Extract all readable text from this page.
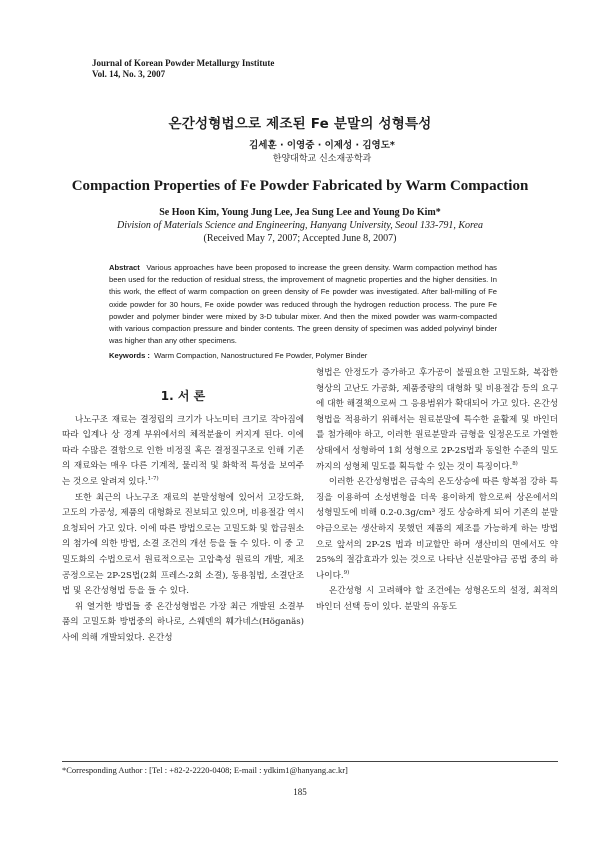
Journal of Korean Powder Metallurgy Institute
Vol. 14, No. 3, 2007
온간성형법으로 제조된 Fe 분말의 성형특성
김세훈 · 이영중 · 이제성 · 김영도*
한양대학교 신소재공학과
Compaction Properties of Fe Powder Fabricated by Warm Compaction
Se Hoon Kim, Young Jung Lee, Jea Sung Lee and Young Do Kim*
Division of Materials Science and Engineering, Hanyang University, Seoul 133-791, Korea
(Received May 7, 2007; Accepted June 8, 2007)
Abstract Various approaches have been proposed to increase the green density. Warm compaction method has been used for the reduction of residual stress, the improvement of magnetic properties and the higher densities. In this work, the effect of warm compaction on green density of Fe powder was investigated. After ball-milling of Fe oxide powder for 30 hours, Fe oxide powder was reduced through the hydrogen reduction process. The pure Fe powder and polymer binder were mixed by 3-D tubular mixer. And then the mixed powder was warm-compacted with various compaction pressure and binder contents. The green density of specimen was added polyvinyl binder was higher than any other specimens.
Keywords : Warm Compaction, Nanostructured Fe Powder, Polymer Binder
1. 서 론

나노구조 재료는 결정립의 크기가 나노미터 크기로 작아짐에 따라 입계나 상 경계 부위에서의 체적분율이 커지게 된다. 이에 따라 수많은 결함으로 인한 비정질 혹은 결정질구조로 인해 기존의 재료와는 매우 다른 기계적, 물리적 및 화학적 특성을 보여주는 것으로 알려져 있다.$^{1-7)}$

또한 최근의 나노구조 재료의 분말성형에 있어서 고강도화, 고도의 가공성, 제품의 대형화로 진보되고 있으며, 비용절감 역시 요청되어 가고 있다. 이에 따른 방법으로는 고밀도화 및 합금원소의 첨가에 의한 방법, 소결 조건의 개선 등을 들 수 있다. 이 중 고밀도화의 수법으로서 원료적으로는 고압축성 원료의 개발, 제조공정으로는 2P-2S법(2회 프레스-2회 소결), 동용침법, 소결단조법 및 온간성형법 등을 들 수 있다.

위 열거한 방법들 중 온간성형법은 가장 최근 개발된 소결부품의 고밀도화 방법중의 하나로, 스웨덴의 훼가네스(Höganäs)사에 의해 개발되었다. 온간성

형법은 안정도가 증가하고 후가공이 불필요한 고밀도화, 복잡한 형상의 고난도 가공화, 제품중량의 대형화 및 비용절감 등의 요구에 대한 해결책으로써 그 응용범위가 확대되어 가고 있다. 온간성형법을 적용하기 위해서는 원료분말에 특수한 윤활제 및 바인더를 첨가해야 하고, 이러한 원료분말과 금형을 일정온도로 가열한 상태에서 성형하여 1회 성형으로 2P-2S법과 동일한 수준의 밀도까지의 성형체 밀도를 획득할 수 있는 것이 특징이다.$^{8)}$

이러한 온간성형법은 금속의 온도상승에 따른 항복점 강하 특징을 이용하여 소성변형을 더욱 용이하게 함으로써 상온에서의 성형밀도에 비해 0.2-0.3g/cm³ 정도 상승하게 되어 기존의 분말야금으로는 생산하지 못했던 제품의 제조를 가능하게 하는 방법으로 앞서의 2P-2S 법과 비교할만 하며 생산비의 면에서도 약 25%의 절감효과가 있는 것으로 나타난 신분말야금 공법 중의 하나이다.$^{9)}$

온간성형 시 고려해야 할 조건에는 성형온도의 설정, 최적의 바인더 선택 등이 있다. 분말의 유동도

*Corresponding Author : [Tel : +82-2-2220-0408; E-mail : ydkim1@hanyang.ac.kr]
185
